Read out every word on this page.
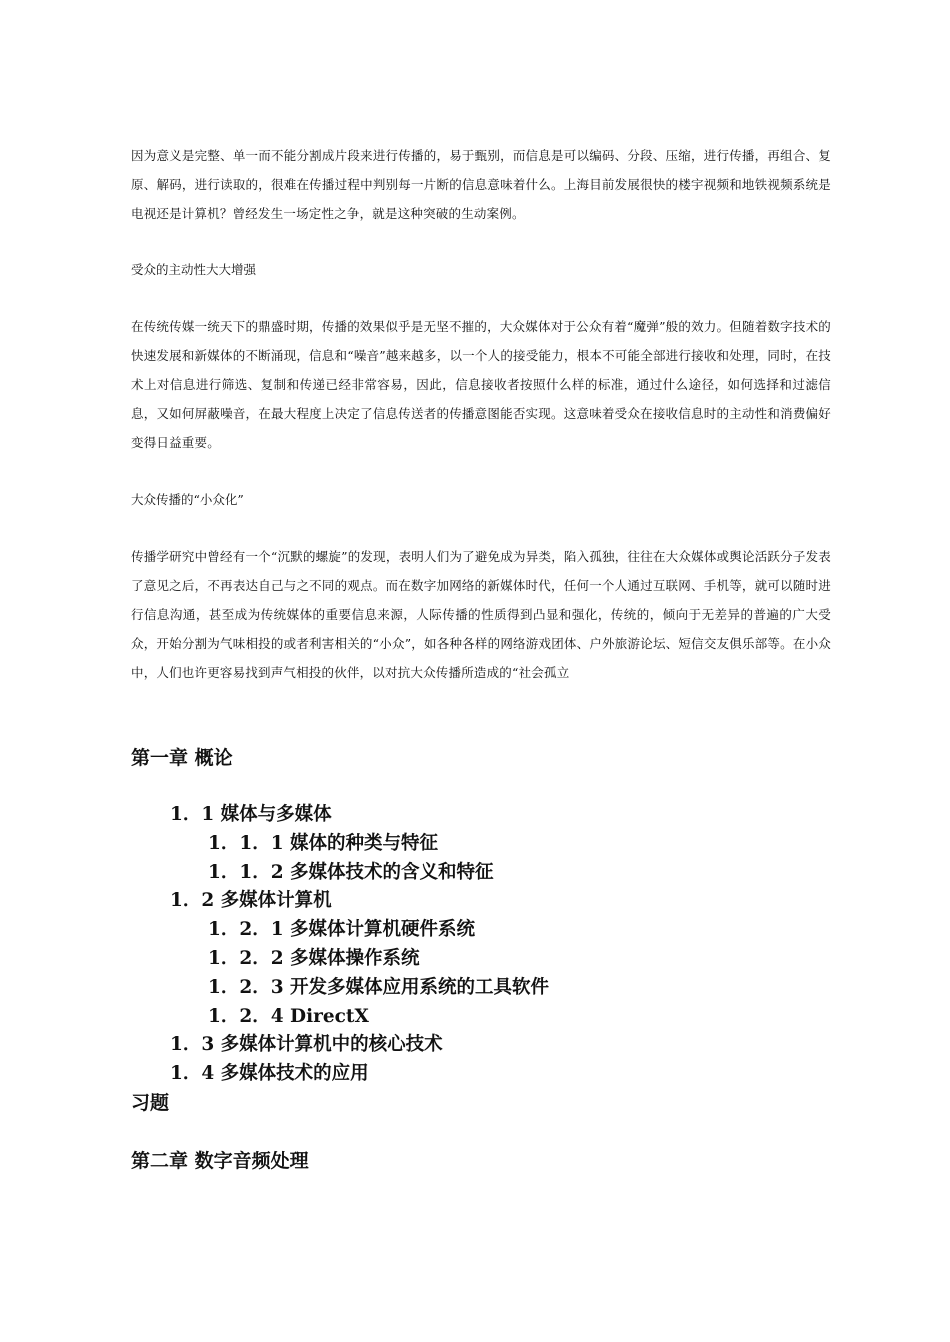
因为意义是完整、单一而不能分割成片段来进行传播的，易于甄别，而信息是可以编码、分段、压缩，进行传播，再组合、复原、解码，进行读取的，很难在传播过程中判别每一片断的信息意味着什么。上海目前发展很快的楼宇视频和地铁视频系统是电视还是计算机？曾经发生一场定性之争，就是这种突破的生动案例。

受众的主动性大大增强

在传统传媒一统天下的鼎盛时期，传播的效果似乎是无坚不摧的，大众媒体对于公众有着“魔弹”般的效力。但随着数字技术的快速发展和新媒体的不断涌现，信息和“噪音”越来越多，以一个人的接受能力，根本不可能全部进行接收和处理，同时，在技术上对信息进行筛选、复制和传递已经非常容易，因此，信息接收者按照什么样的标准，通过什么途径，如何选择和过滤信息，又如何屏蔽噪音，在最大程度上决定了信息传送者的传播意图能否实现。这意味着受众在接收信息时的主动性和消费偏好变得日益重要。

大众传播的“小众化”

传播学研究中曾经有一个“沉默的螺旋”的发现，表明人们为了避免成为异类，陷入孤独，往往在大众媒体或舆论活跃分子发表了意见之后，不再表达自己与之不同的观点。而在数字加网络的新媒体时代，任何一个人通过互联网、手机等，就可以随时进行信息沟通，甚至成为传统媒体的重要信息来源，人际传播的性质得到凸显和强化，传统的，倾向于无差异的普遍的广大受众，开始分割为气味相投的或者利害相关的“小众”，如各种各样的网络游戏团体、户外旅游论坛、短信交友俱乐部等。在小众中，人们也许更容易找到声气相投的伙伴，以对抗大众传播所造成的“社会孤立

第一章 概论

1．1 媒体与多媒体

1．1．1 媒体的种类与特征

1．1．2 多媒体技术的含义和特征

1．2 多媒体计算机

1．2．1 多媒体计算机硬件系统

1．2．2 多媒体操作系统

1．2．3 开发多媒体应用系统的工具软件

1．2．4 DirectX

1．3 多媒体计算机中的核心技术

1．4 多媒体技术的应用

习题

第二章 数字音频处理
